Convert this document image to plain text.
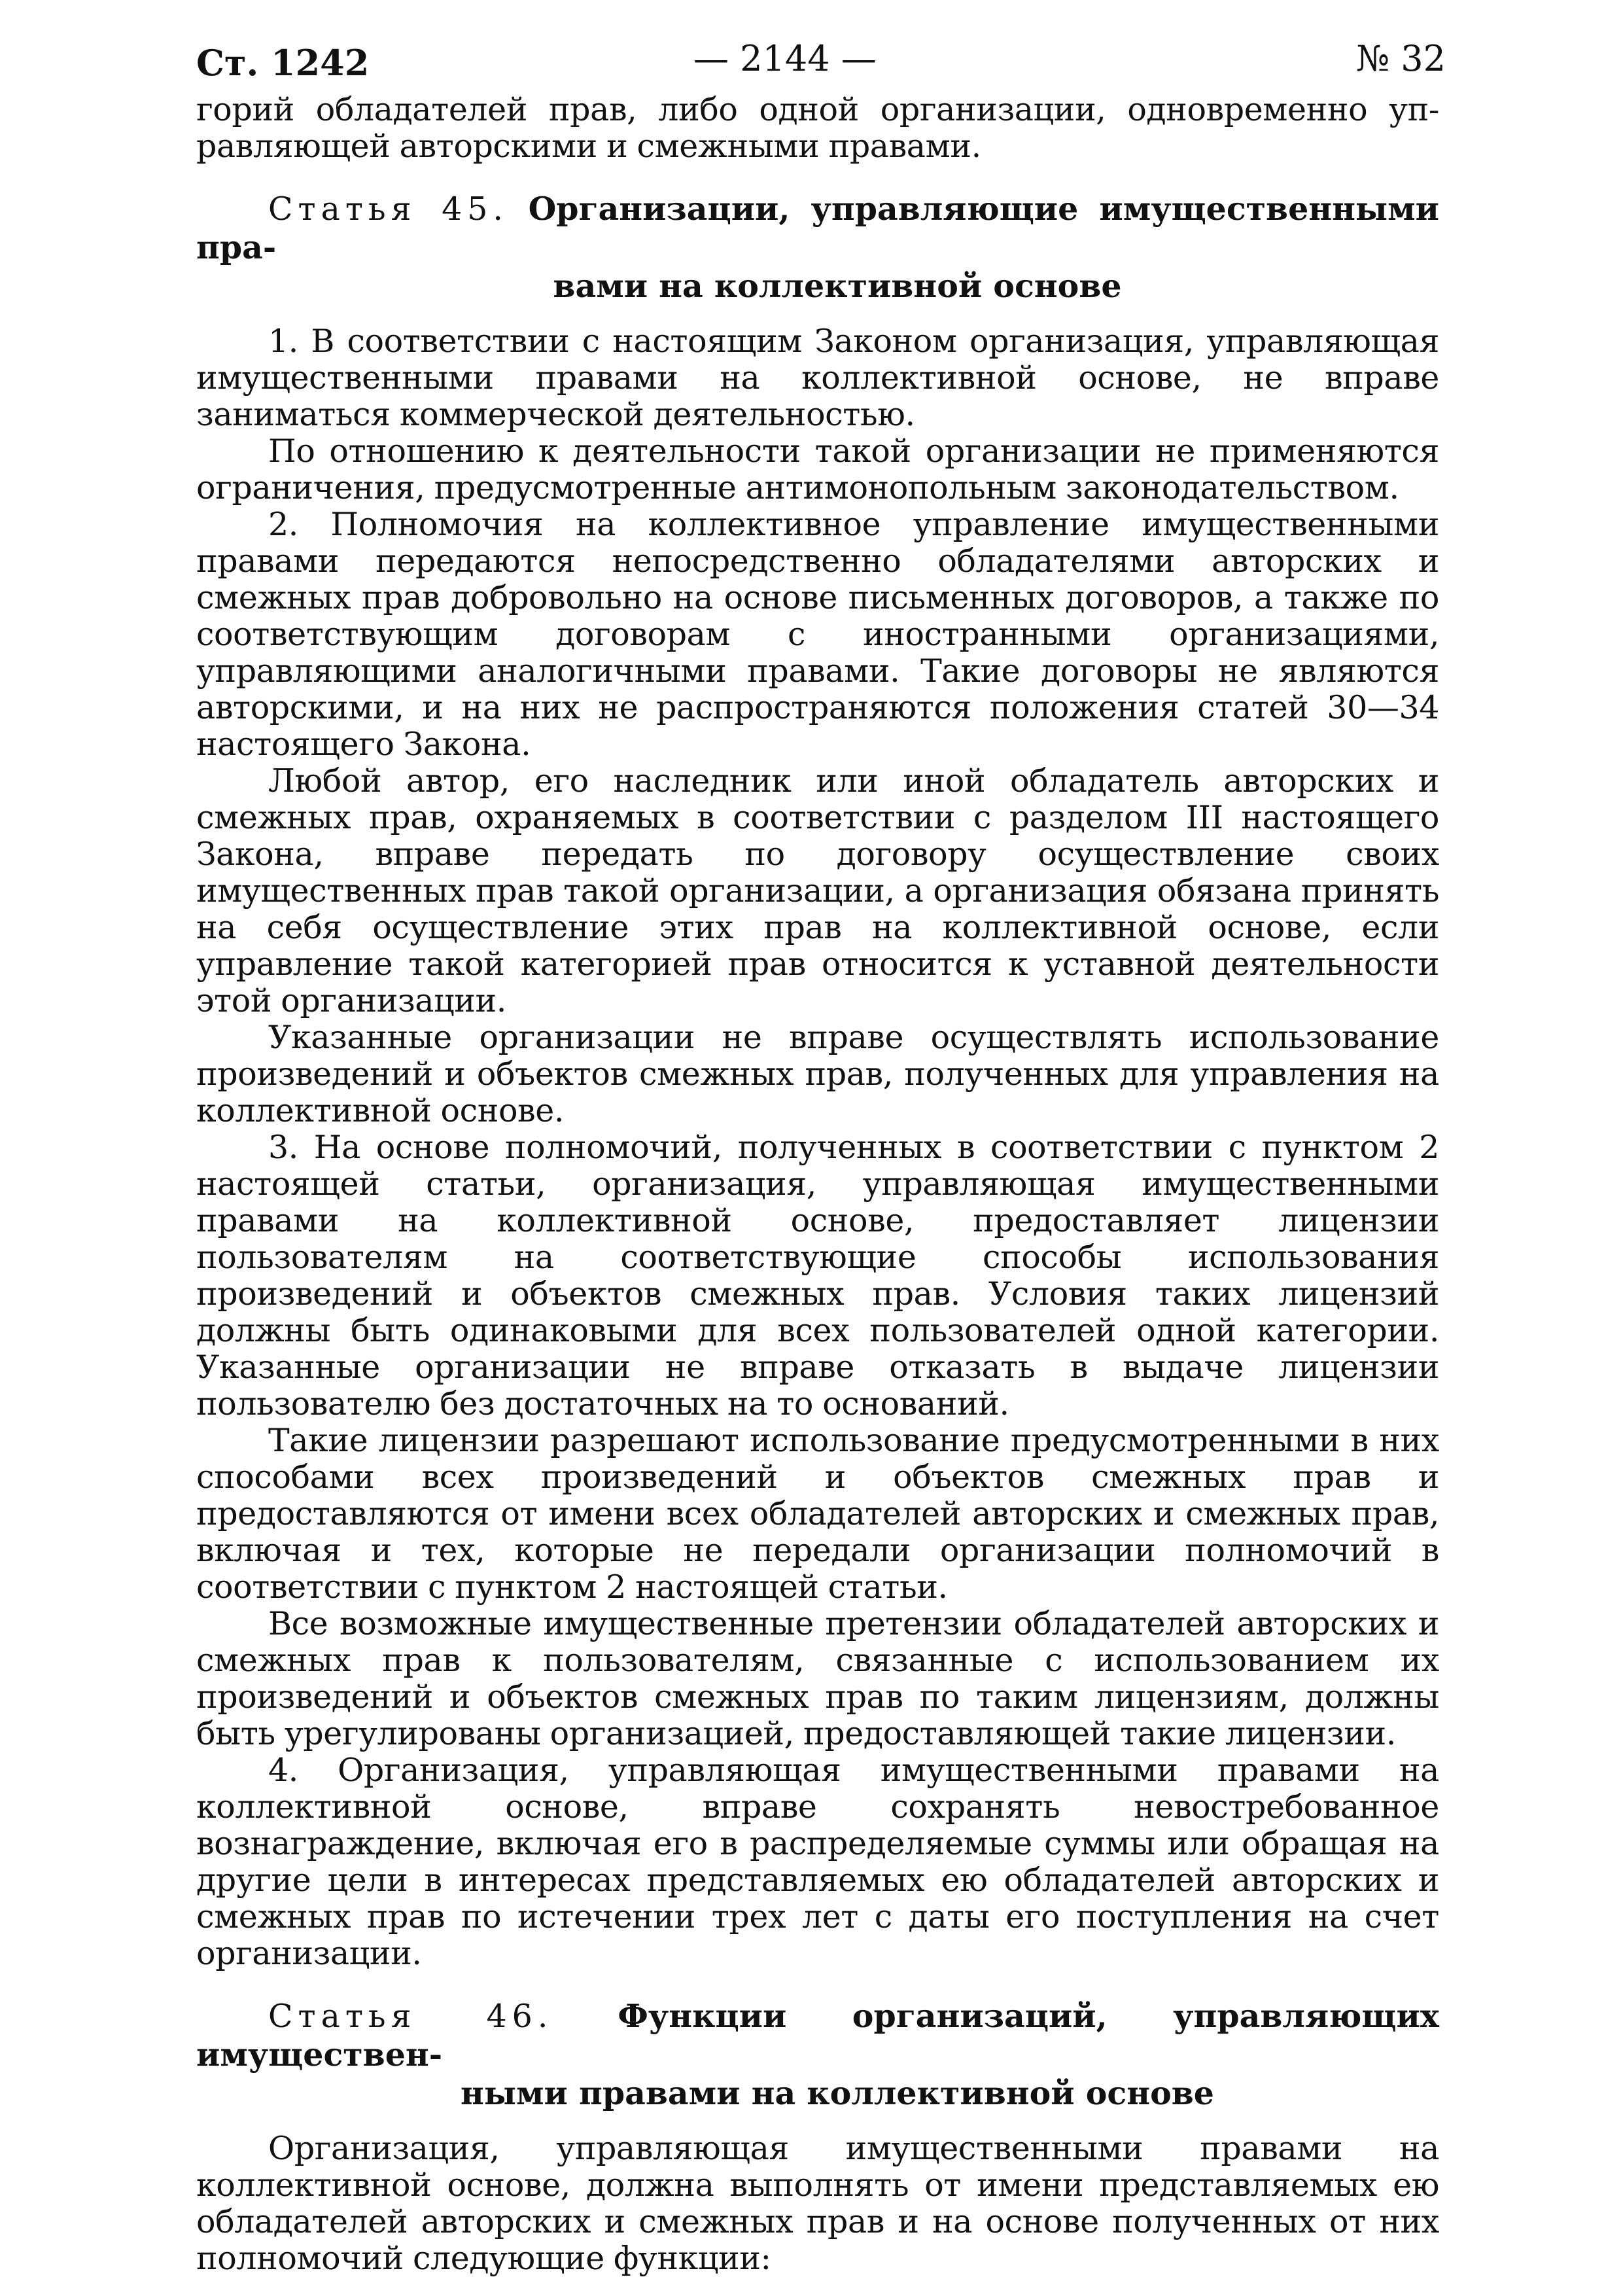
Ст. 1242	— 2144 —	№ 32

горий обладателей прав, либо одной организации, одновременно уп-

равляющей авторскими и смежными правами.

Статья 45. Организации, управляющие имущественными пра-
вами на коллективной основе

1. В соответствии с настоящим Законом организация, управляющая имущественными правами на коллективной основе, не вправе заниматься коммерческой деятельностью.

По отношению к деятельности такой организации не применяются ограничения, предусмотренные антимонопольным законодательством.

2. Полномочия на коллективное управление имущественными правами передаются непосредственно обладателями авторских и смежных прав добровольно на основе письменных договоров, а также по соответствующим договорам с иностранными организациями, управляющими аналогичными правами. Такие договоры не являются авторскими, и на них не распространяются положения статей 30—34 настоящего Закона.

Любой автор, его наследник или иной обладатель авторских и смежных прав, охраняемых в соответствии с разделом III настоящего Закона, вправе передать по договору осуществление своих имущественных прав такой организации, а организация обязана принять на себя осуществление этих прав на коллективной основе, если управление такой категорией прав относится к уставной деятельности этой организации.

Указанные организации не вправе осуществлять использование произведений и объектов смежных прав, полученных для управления на коллективной основе.

3. На основе полномочий, полученных в соответствии с пунктом 2 настоящей статьи, организация, управляющая имущественными правами на коллективной основе, предоставляет лицензии пользователям на соответствующие способы использования произведений и объектов смежных прав. Условия таких лицензий должны быть одинаковыми для всех пользователей одной категории. Указанные организации не вправе отказать в выдаче лицензии пользователю без достаточных на то оснований.

Такие лицензии разрешают использование предусмотренными в них способами всех произведений и объектов смежных прав и предоставляются от имени всех обладателей авторских и смежных прав, включая и тех, которые не передали организации полномочий в соответствии с пунктом 2 настоящей статьи.

Все возможные имущественные претензии обладателей авторских и смежных прав к пользователям, связанные с использованием их произведений и объектов смежных прав по таким лицензиям, должны быть урегулированы организацией, предоставляющей такие лицензии.

4. Организация, управляющая имущественными правами на коллективной основе, вправе сохранять невостребованное вознаграждение, включая его в распределяемые суммы или обращая на другие цели в интересах представляемых ею обладателей авторских и смежных прав по истечении трех лет с даты его поступления на счет организации.

Статья 46. Функции организаций, управляющих имуществен-
ными правами на коллективной основе

Организация, управляющая имущественными правами на коллективной основе, должна выполнять от имени представляемых ею обладателей авторских и смежных прав и на основе полученных от них полномочий следующие функции:
